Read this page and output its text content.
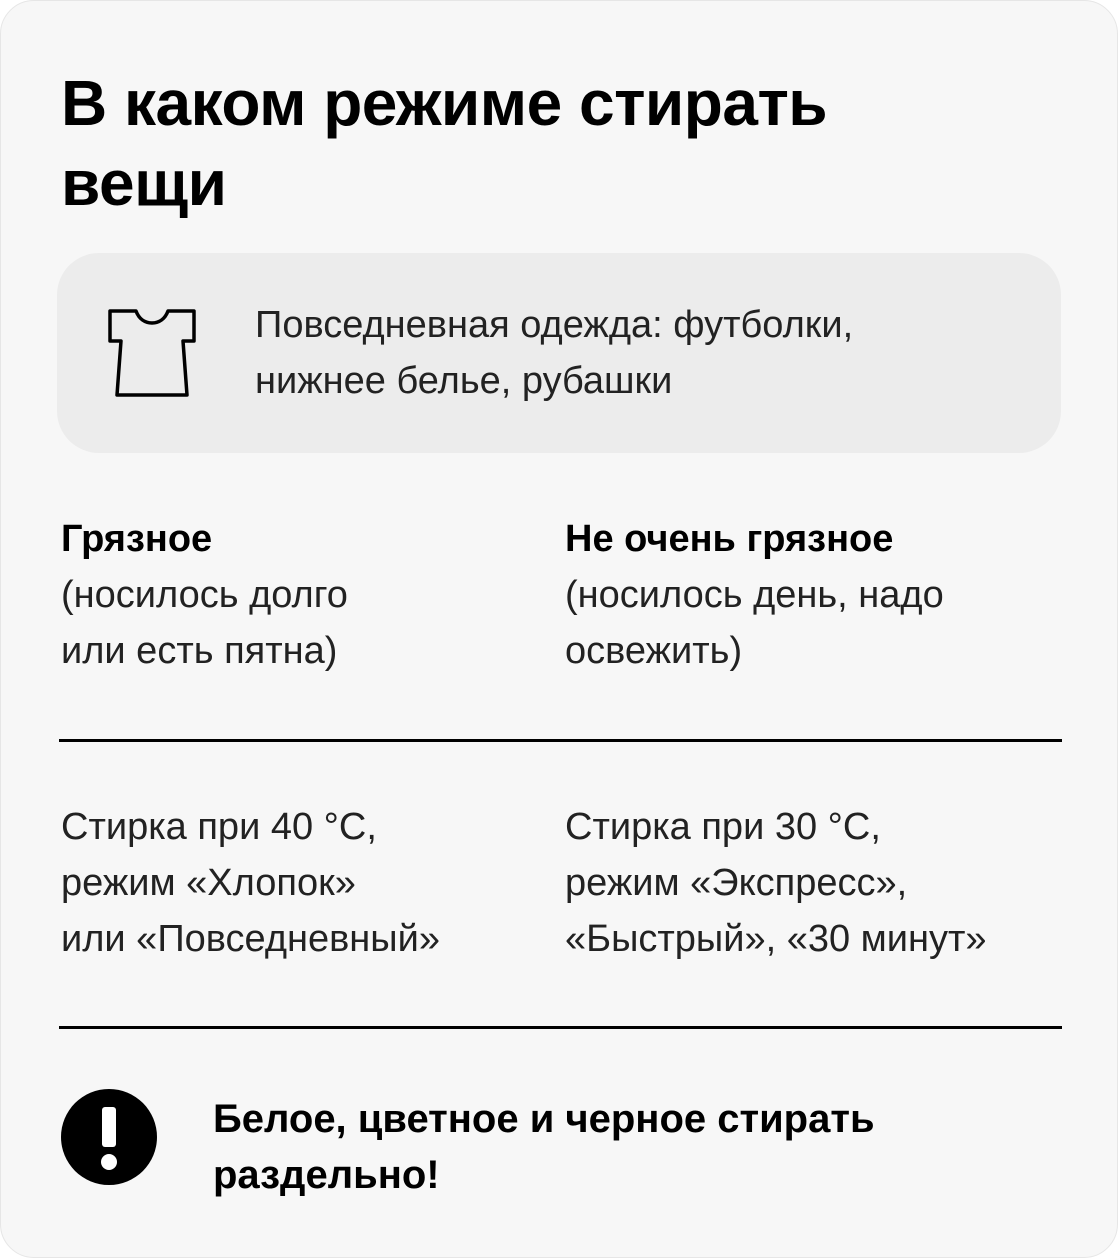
В каком режиме стирать
вещи
Повседневная одежда: футболки,
нижнее белье, рубашки
Грязное
(носилось долго
или есть пятна)
Не очень грязное
(носилось день, надо
освежить)
Стирка при 40 °C,
режим «Хлопок»
или «Повседневный»
Стирка при 30 °C,
режим «Экспресс»,
«Быстрый», «30 минут»
Белое, цветное и черное стирать
раздельно!
